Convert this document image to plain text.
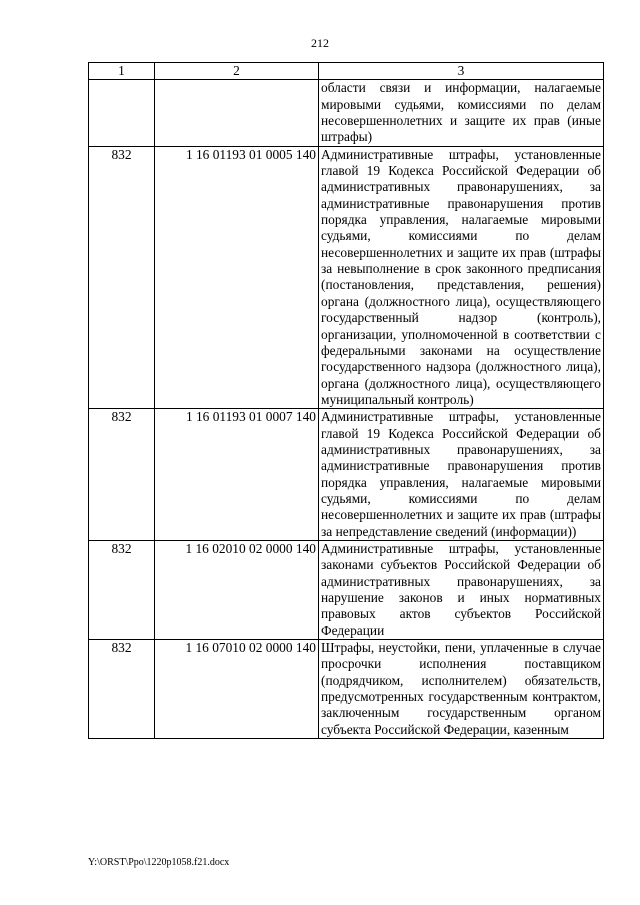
212
1	2	3
		области связи и информации, налагаемые мировыми судьями, комиссиями по делам несовершеннолетних и защите их прав (иные штрафы)
832	1 16 01193 01 0005 140	Административные штрафы, установленные главой 19 Кодекса Российской Федерации об административных правонарушениях, за административные правонарушения против порядка управления, налагаемые мировыми судьями, комиссиями по делам несовершеннолетних и защите их прав (штрафы за невыполнение в срок законного предписания (постановления, представления, решения) органа (должностного лица), осуществляющего государственный надзор (контроль), организации, уполномоченной в соответствии с федеральными законами на осуществление государственного надзора (должностного лица), органа (должностного лица), осуществляющего муниципальный контроль)
832	1 16 01193 01 0007 140	Административные штрафы, установленные главой 19 Кодекса Российской Федерации об административных правонарушениях, за административные правонарушения против порядка управления, налагаемые мировыми судьями, комиссиями по делам несовершеннолетних и защите их прав (штрафы за непредставление сведений (информации))
832	1 16 02010 02 0000 140	Административные штрафы, установленные законами субъектов Российской Федерации об административных правонарушениях, за нарушение законов и иных нормативных правовых актов субъектов Российской Федерации
832	1 16 07010 02 0000 140	Штрафы, неустойки, пени, уплаченные в случае просрочки исполнения поставщиком (подрядчиком, исполнителем) обязательств, предусмотренных государственным контрактом, заключенным государственным органом субъекта Российской Федерации, казенным
Y:\ORST\Ppo\1220p1058.f21.docx
